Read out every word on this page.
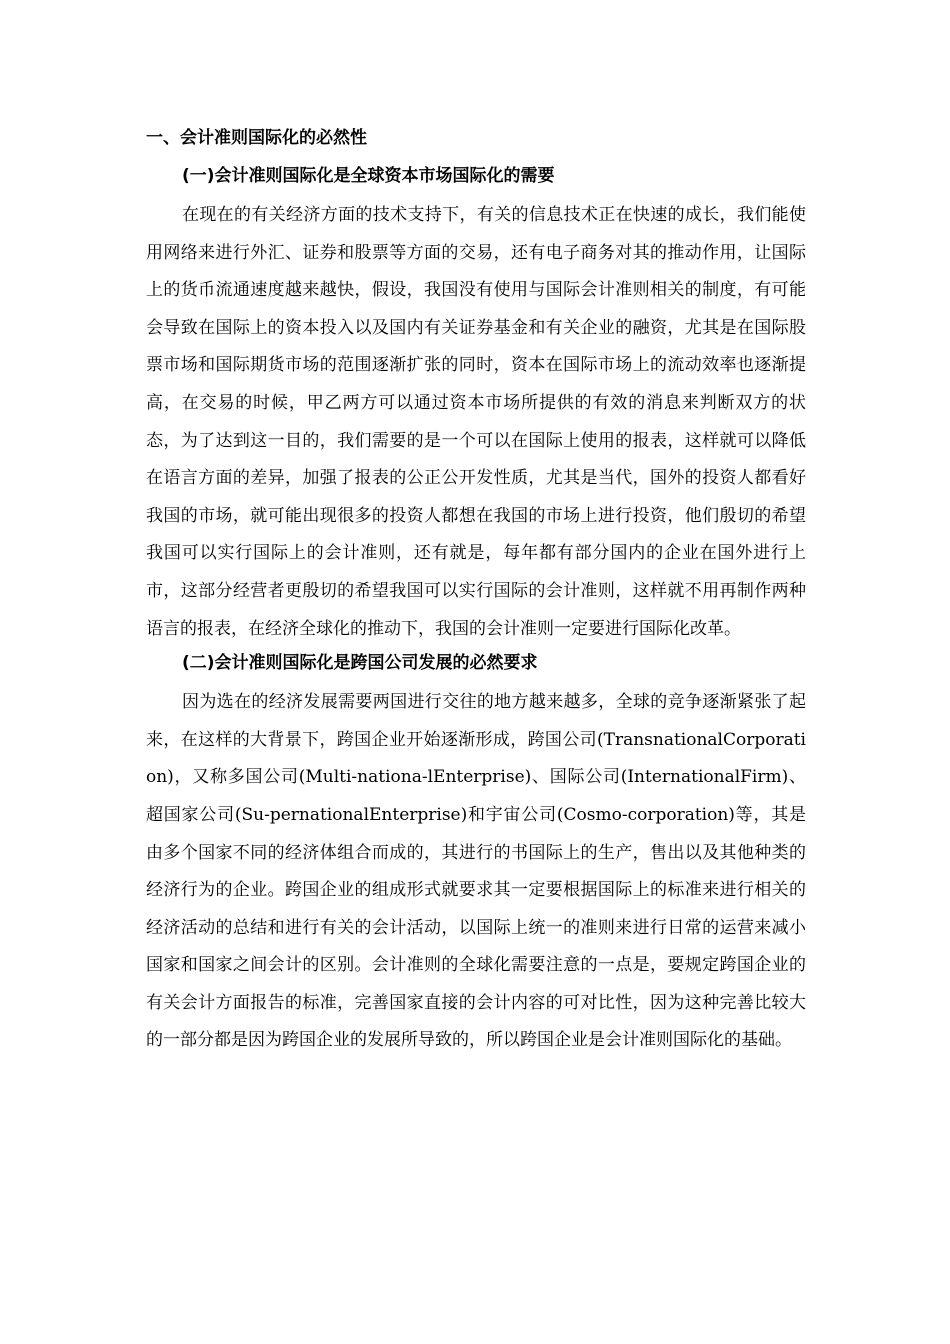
一、会计准则国际化的必然性
(一)会计准则国际化是全球资本市场国际化的需要

在现在的有关经济方面的技术支持下，有关的信息技术正在快速的成长，我们能使用网络来进行外汇、证券和股票等方面的交易，还有电子商务对其的推动作用，让国际上的货币流通速度越来越快，假设，我国没有使用与国际会计准则相关的制度，有可能会导致在国际上的资本投入以及国内有关证券基金和有关企业的融资，尤其是在国际股票市场和国际期货市场的范围逐渐扩张的同时，资本在国际市场上的流动效率也逐渐提高，在交易的时候，甲乙两方可以通过资本市场所提供的有效的消息来判断双方的状态，为了达到这一目的，我们需要的是一个可以在国际上使用的报表，这样就可以降低在语言方面的差异，加强了报表的公正公开发性质，尤其是当代，国外的投资人都看好我国的市场，就可能出现很多的投资人都想在我国的市场上进行投资，他们殷切的希望我国可以实行国际上的会计准则，还有就是，每年都有部分国内的企业在国外进行上市，这部分经营者更殷切的希望我国可以实行国际的会计准则，这样就不用再制作两种语言的报表，在经济全球化的推动下，我国的会计准则一定要进行国际化改革。

(二)会计准则国际化是跨国公司发展的必然要求

因为选在的经济发展需要两国进行交往的地方越来越多，全球的竞争逐渐紧张了起来，在这样的大背景下，跨国企业开始逐渐形成，跨国公司(TransnationalCorporation)，又称多国公司(Multi-nationa-lEnterprise)、国际公司(InternationalFirm)、超国家公司(Su-pernationalEnterprise)和宇宙公司(Cosmo-corporation)等，其是由多个国家不同的经济体组合而成的，其进行的书国际上的生产，售出以及其他种类的经济行为的企业。跨国企业的组成形式就要求其一定要根据国际上的标准来进行相关的经济活动的总结和进行有关的会计活动，以国际上统一的准则来进行日常的运营来减小国家和国家之间会计的区别。会计准则的全球化需要注意的一点是，要规定跨国企业的有关会计方面报告的标准，完善国家直接的会计内容的可对比性，因为这种完善比较大的一部分都是因为跨国企业的发展所导致的，所以跨国企业是会计准则国际化的基础。
